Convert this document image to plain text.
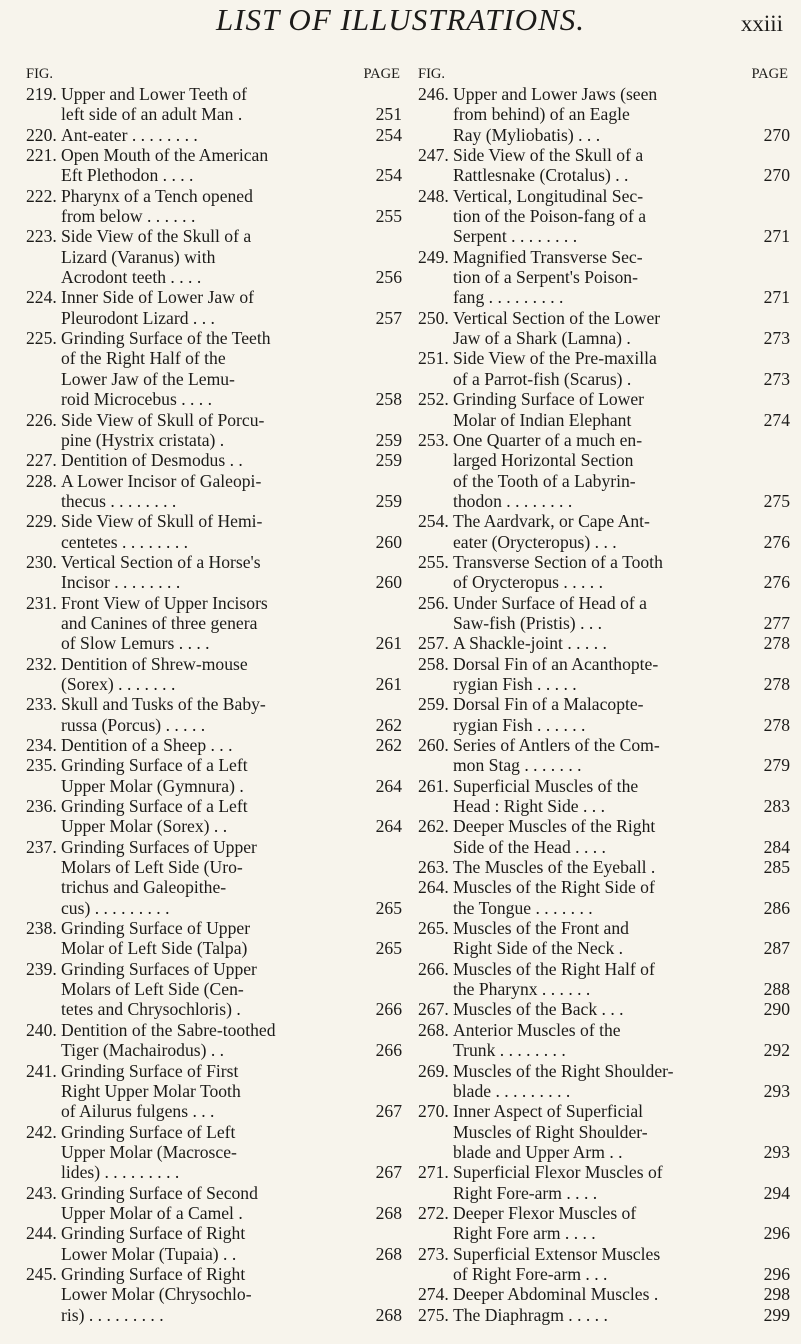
LIST OF ILLUSTRATIONS.	xxiii
FIG.	PAGE
219. Upper and Lower Teeth of
left side of an adult Man .	251
220. Ant-eater . . . . . . . .	254
221. Open Mouth of the American
Eft Plethodon . . . .	254
222. Pharynx of a Tench opened
from below . . . . . .	255
223. Side View of the Skull of a
Lizard (Varanus) with
Acrodont teeth . . . .	256
224. Inner Side of Lower Jaw of
Pleurodont Lizard . . .	257
225. Grinding Surface of the Teeth
of the Right Half of the
Lower Jaw of the Lemu-
roid Microcebus . . . .	258
226. Side View of Skull of Porcu-
pine (Hystrix cristata) .	259
227. Dentition of Desmodus . .	259
228. A Lower Incisor of Galeopi-
thecus . . . . . . . .	259
229. Side View of Skull of Hemi-
centetes . . . . . . . .	260
230. Vertical Section of a Horse's
Incisor . . . . . . . .	260
231. Front View of Upper Incisors
and Canines of three genera
of Slow Lemurs . . . .	261
232. Dentition of Shrew-mouse
(Sorex) . . . . . . .	261
233. Skull and Tusks of the Baby-
russa (Porcus) . . . . .	262
234. Dentition of a Sheep . . .	262
235. Grinding Surface of a Left
Upper Molar (Gymnura) .	264
236. Grinding Surface of a Left
Upper Molar (Sorex) . .	264
237. Grinding Surfaces of Upper
Molars of Left Side (Uro-
trichus and Galeopithe-
cus) . . . . . . . . .	265
238. Grinding Surface of Upper
Molar of Left Side (Talpa)	265
239. Grinding Surfaces of Upper
Molars of Left Side (Cen-
tetes and Chrysochloris) .	266
240. Dentition of the Sabre-toothed
Tiger (Machairodus) . .	266
241. Grinding Surface of First
Right Upper Molar Tooth
of Ailurus fulgens . . .	267
242. Grinding Surface of Left
Upper Molar (Macrosce-
lides) . . . . . . . . .	267
243. Grinding Surface of Second
Upper Molar of a Camel .	268
244. Grinding Surface of Right
Lower Molar (Tupaia) . .	268
245. Grinding Surface of Right
Lower Molar (Chrysochlo-
ris) . . . . . . . . .	268
FIG.	PAGE
246. Upper and Lower Jaws (seen
from behind) of an Eagle
Ray (Myliobatis) . . .	270
247. Side View of the Skull of a
Rattlesnake (Crotalus) . .	270
248. Vertical, Longitudinal Sec-
tion of the Poison-fang of a
Serpent . . . . . . . .	271
249. Magnified Transverse Sec-
tion of a Serpent's Poison-
fang . . . . . . . . .	271
250. Vertical Section of the Lower
Jaw of a Shark (Lamna) .	273
251. Side View of the Pre-maxilla
of a Parrot-fish (Scarus) .	273
252. Grinding Surface of Lower
Molar of Indian Elephant	274
253. One Quarter of a much en-
larged Horizontal Section
of the Tooth of a Labyrin-
thodon . . . . . . . .	275
254. The Aardvark, or Cape Ant-
eater (Orycteropus) . . .	276
255. Transverse Section of a Tooth
of Orycteropus . . . . .	276
256. Under Surface of Head of a
Saw-fish (Pristis) . . .	277
257. A Shackle-joint . . . . .	278
258. Dorsal Fin of an Acanthopte-
rygian Fish . . . . .	278
259. Dorsal Fin of a Malacopte-
rygian Fish . . . . . .	278
260. Series of Antlers of the Com-
mon Stag . . . . . . .	279
261. Superficial Muscles of the
Head : Right Side . . .	283
262. Deeper Muscles of the Right
Side of the Head . . . .	284
263. The Muscles of the Eyeball .	285
264. Muscles of the Right Side of
the Tongue . . . . . . .	286
265. Muscles of the Front and
Right Side of the Neck .	287
266. Muscles of the Right Half of
the Pharynx . . . . . .	288
267. Muscles of the Back . . .	290
268. Anterior Muscles of the
Trunk . . . . . . . .	292
269. Muscles of the Right Shoulder-
blade . . . . . . . . .	293
270. Inner Aspect of Superficial
Muscles of Right Shoulder-
blade and Upper Arm . .	293
271. Superficial Flexor Muscles of
Right Fore-arm . . . .	294
272. Deeper Flexor Muscles of
Right Fore arm . . . .	296
273. Superficial Extensor Muscles
of Right Fore-arm . . .	296
274. Deeper Abdominal Muscles .	298
275. The Diaphragm . . . . .	299
